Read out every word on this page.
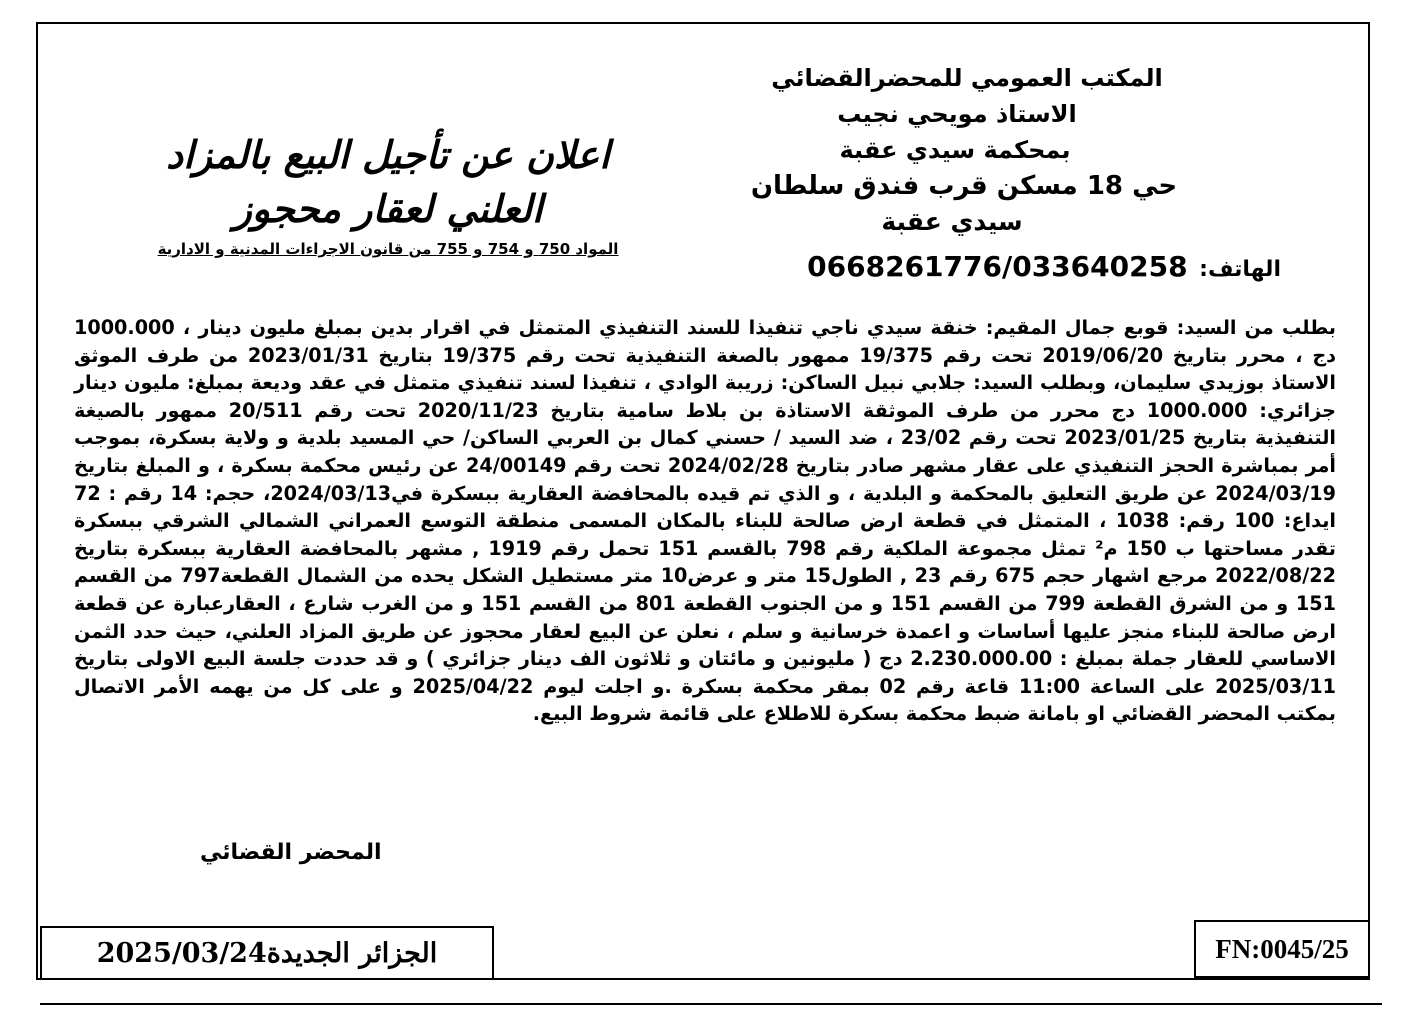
المكتب العمومي للمحضرالقضائي
الاستاذ مويحي نجيب
بمحكمة سيدي عقبة
حي 18 مسكن قرب فندق سلطان
سيدي عقبة
الهاتف: 0668261776/033640258
اعلان عن تأجيل البيع بالمزاد
العلني لعقار محجوز
المواد 750 و 754 و 755 من قانون الاجراءات المدنية و الادارية

بطلب من السيد: قوبع جمال المقيم: خنقة سيدي ناجي تنفيذا للسند التنفيذي المتمثل في اقرار بدين بمبلغ مليون دينار ، 1000.000 دج ، محرر بتاريخ 2019/06/20 تحت رقم 19/375 ممهور بالصغة التنفيذية تحت رقم 19/375 بتاريخ 2023/01/31 من طرف الموثق الاستاذ بوزيدي سليمان، وبطلب السيد: جلابي نبيل الساكن: زريبة الوادي ، تنفيذا لسند تنفيذي متمثل في عقد وديعة بمبلغ: مليون دينار جزائري: 1000.000 دج محرر من طرف الموثقة الاستاذة بن بلاط سامية بتاريخ 2020/11/23 تحت رقم 20/511 ممهور بالصيغة التنفيذية بتاريخ 2023/01/25 تحت رقم 23/02 ، ضد السيد / حسني كمال بن العربي الساكن/ حي المسيد بلدية و ولاية بسكرة، بموجب أمر بمباشرة الحجز التنفيذي على عقار مشهر صادر بتاريخ 2024/02/28 تحت رقم 24/00149 عن رئيس محكمة بسكرة ، و المبلغ بتاريخ 2024/03/19 عن طريق التعليق بالمحكمة و البلدية ، و الذي تم قيده بالمحافضة العقارية ببسكرة في2024/03/13، حجم: 14 رقم : 72 ايداع: 100 رقم: 1038 ، المتمثل في قطعة ارض صالحة للبناء بالمكان المسمى منطقة التوسع العمراني الشمالي الشرقي ببسكرة تقدر مساحتها ب 150 م² تمثل مجموعة الملكية رقم 798 بالقسم 151 تحمل رقم 1919 , مشهر بالمحافضة العقارية ببسكرة بتاريخ 2022/08/22 مرجع اشهار حجم 675 رقم 23 , الطول15 متر و عرض10 متر مستطيل الشكل يحده من الشمال القطعة797 من القسم 151 و من الشرق القطعة 799 من القسم 151 و من الجنوب القطعة 801 من القسم 151 و من الغرب شارع ، العقارعبارة عن قطعة ارض صالحة للبناء منجز عليها أساسات و اعمدة خرسانية و سلم ، نعلن عن البيع لعقار محجوز عن طريق المزاد العلني، حيث حدد الثمن الاساسي للعقار جملة بمبلغ : 2.230.000.00 دج ( مليونين و مائتان و ثلاثون الف دينار جزائري ) و قد حددت جلسة البيع الاولى بتاريخ 2025/03/11 على الساعة 11:00 قاعة رقم 02 بمقر محكمة بسكرة .و اجلت ليوم 2025/04/22 و على كل من يهمه الأمر الاتصال بمكتب المحضر القضائي او بامانة ضبط محكمة بسكرة للاطلاع على قائمة شروط البيع.

المحضر القضائي
الجزائر الجديدة2025/03/24	FN:0045/25
